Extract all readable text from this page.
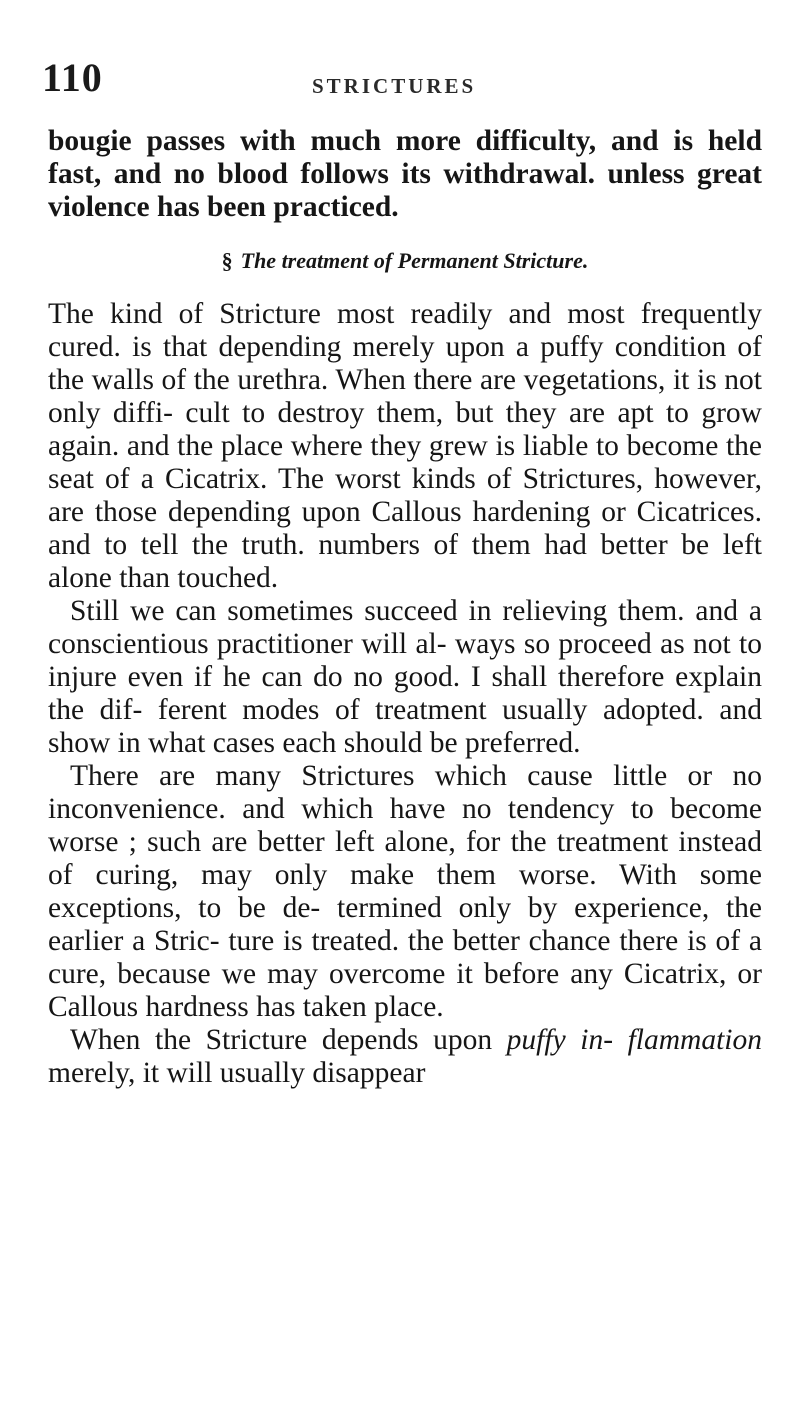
110	STRICTURES

bougie passes with much more difficulty, and is held fast, and no blood follows its withdrawal. unless great violence has been practiced.

§ The treatment of Permanent Stricture.

The kind of Stricture most readily and most frequently cured. is that depending merely upon a puffy condition of the walls of the urethra. When there are vegetations, it is not only diffi- cult to destroy them, but they are apt to grow again. and the place where they grew is liable to become the seat of a Cicatrix. The worst kinds of Strictures, however, are those depending upon Callous hardening or Cicatrices. and to tell the truth. numbers of them had better be left alone than touched.

Still we can sometimes succeed in relieving them. and a conscientious practitioner will al- ways so proceed as not to injure even if he can do no good. I shall therefore explain the dif- ferent modes of treatment usually adopted. and show in what cases each should be preferred.

There are many Strictures which cause little or no inconvenience. and which have no tendency to become worse ; such are better left alone, for the treatment instead of curing, may only make them worse. With some exceptions, to be de- termined only by experience, the earlier a Stric- ture is treated. the better chance there is of a cure, because we may overcome it before any Cicatrix, or Callous hardness has taken place.

When the Stricture depends upon puffy in- flammation merely, it will usually disappear
